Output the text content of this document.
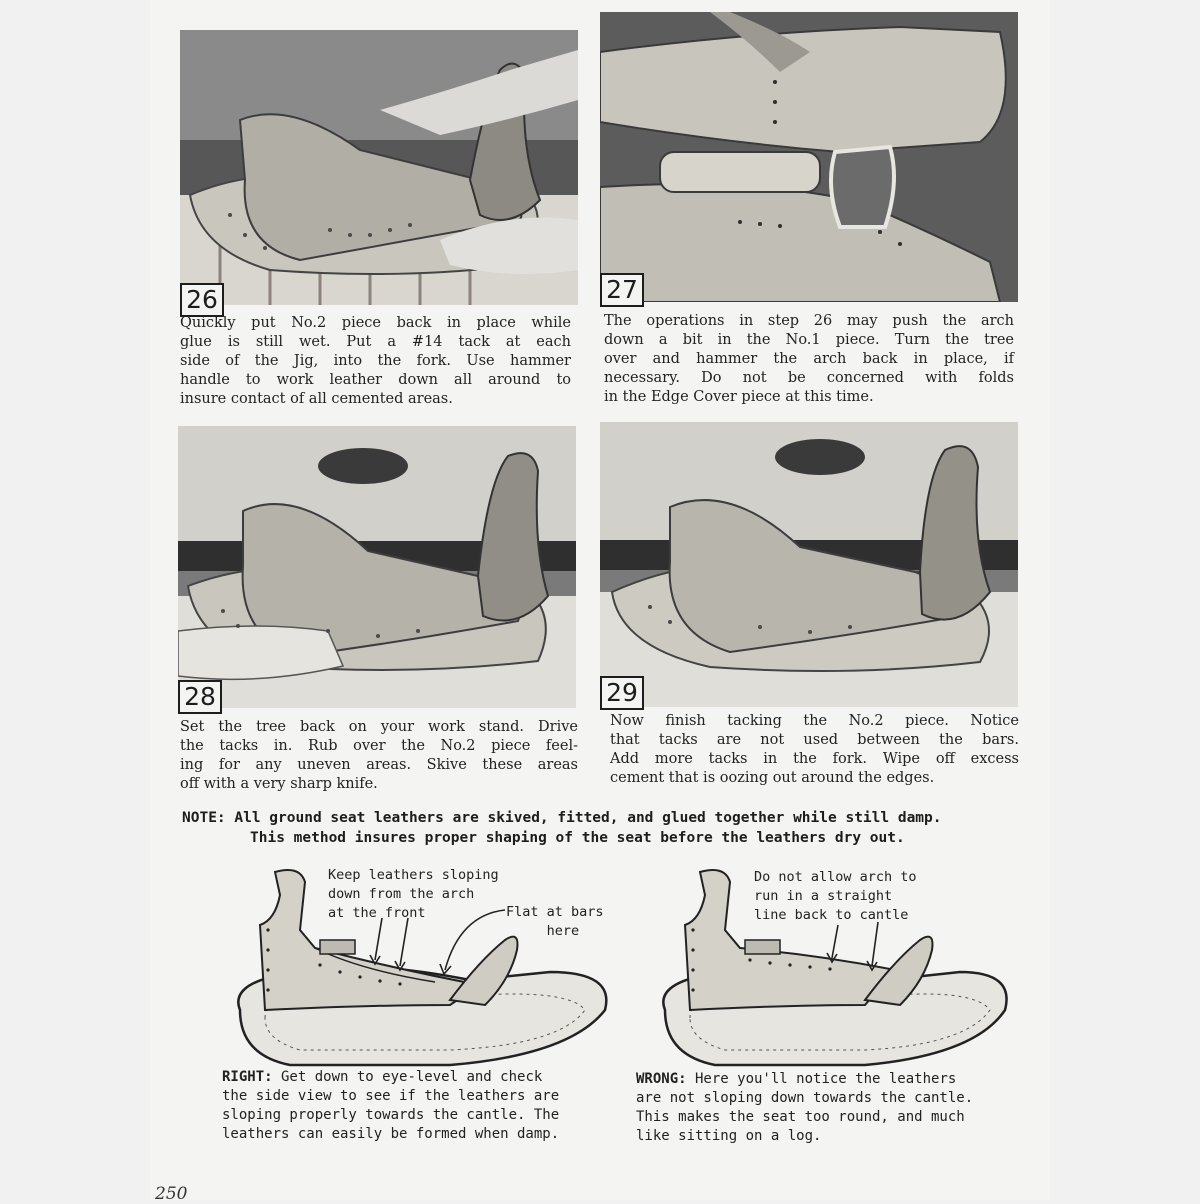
26	27
28	29
Quickly put No.2 piece back in place while
glue is still wet. Put a #14 tack at each
side of the Jig, into the fork. Use hammer
handle to work leather down all around to
insure contact of all cemented areas.
The operations in step 26 may push the arch
down a bit in the No.1 piece. Turn the tree
over and hammer the arch back in place, if
necessary. Do not be concerned with folds
in the Edge Cover piece at this time.
Set the tree back on your work stand. Drive
the tacks in. Rub over the No.2 piece feel-
ing for any uneven areas. Skive these areas
off with a very sharp knife.
Now finish tacking the No.2 piece. Notice
that tacks are not used between the bars.
Add more tacks in the fork. Wipe off excess
cement that is oozing out around the edges.
NOTE: All ground seat leathers are skived, fitted, and glued together while still damp.
This method insures proper shaping of the seat before the leathers dry out.
Keep leathers sloping
down from the arch
at the front	Flat at bars
here
Do not allow arch to
run in a straight
line back to cantle
RIGHT: Get down to eye-level and check
the side view to see if the leathers are
sloping properly towards the cantle. The
leathers can easily be formed when damp.
WRONG: Here you'll notice the leathers
are not sloping down towards the cantle.
This makes the seat too round, and much
like sitting on a log.
250
